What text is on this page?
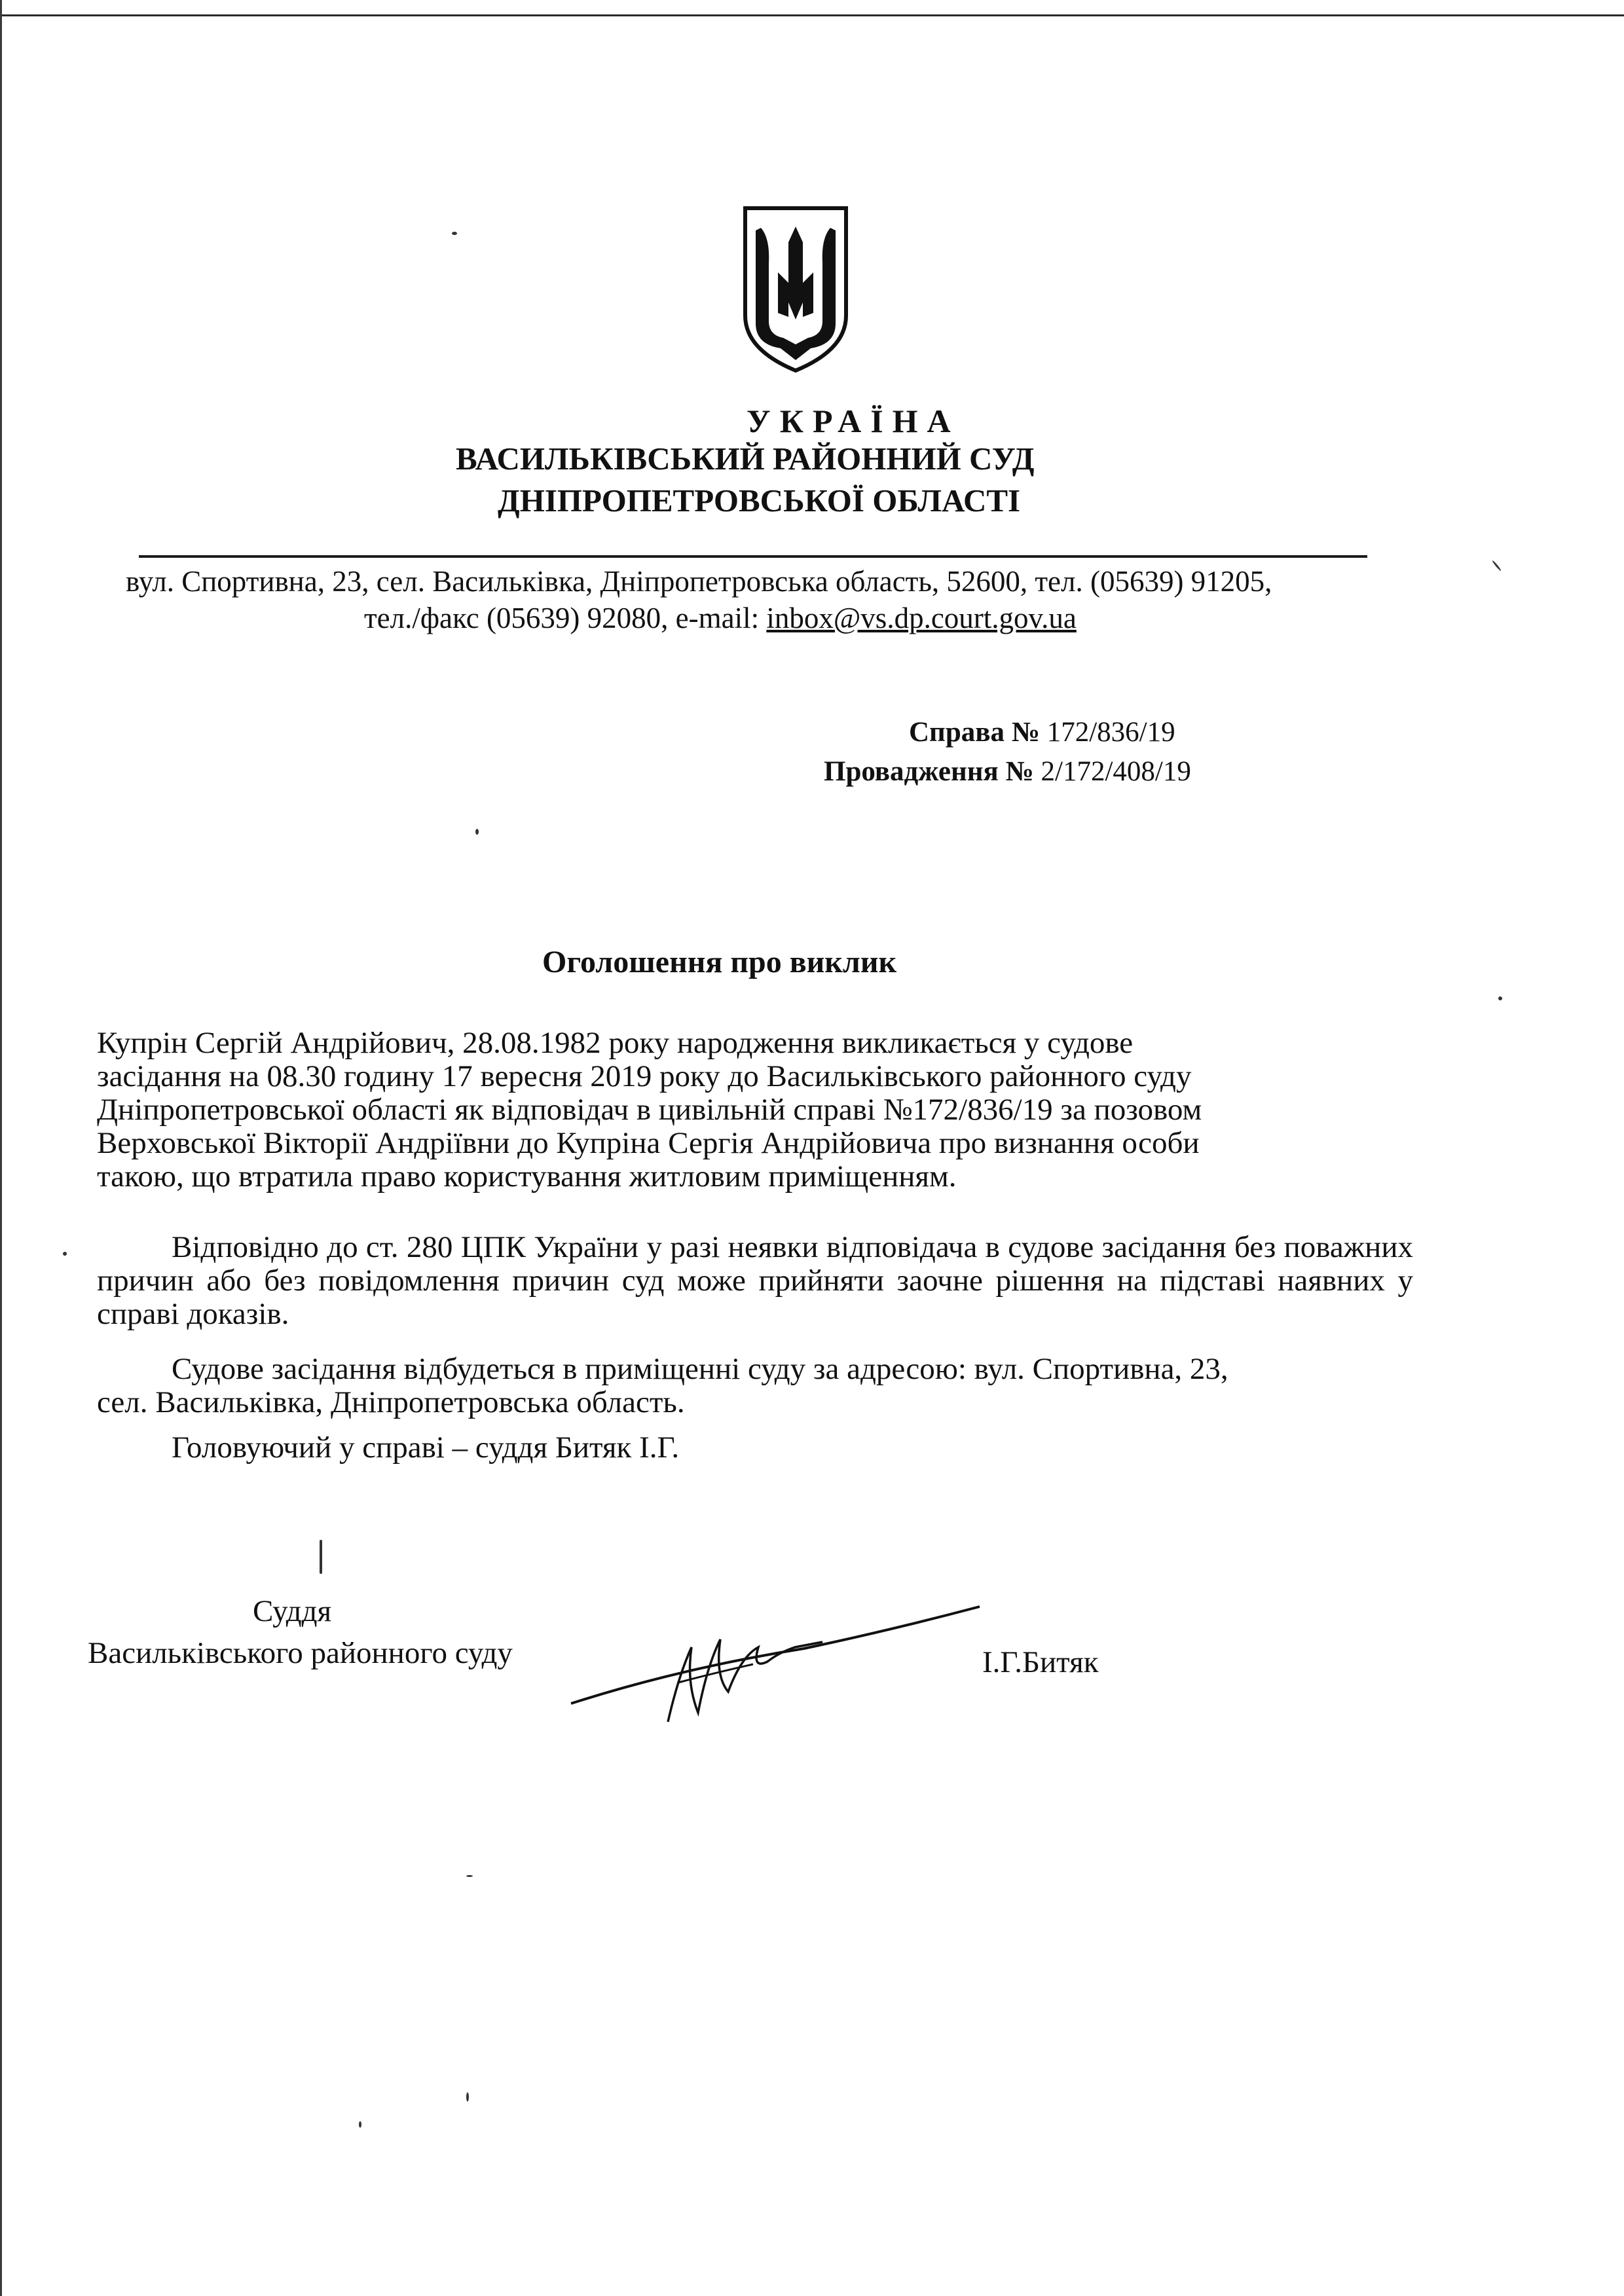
УКРАЇНА
ВАСИЛЬКІВСЬКИЙ РАЙОННИЙ СУД
ДНІПРОПЕТРОВСЬКОЇ ОБЛАСТІ
вул. Спортивна, 23, сел. Васильківка, Дніпропетровська область, 52600, тел. (05639) 91205,
тел./факс (05639) 92080, e-mail: inbox@vs.dp.court.gov.ua
Справа № 172/836/19
Провадження № 2/172/408/19
Оголошення про виклик

Купрін Сергій Андрійович, 28.08.1982 року народження викликається у судове

засідання на 08.30 годину 17 вересня 2019 року до Васильківського районного суду

Дніпропетровської області як відповідач в цивільній справі №172/836/19 за позовом

Верховської Вікторії Андріївни до Купріна Сергія Андрійовича про визнання особи

такою, що втратила право користування житловим приміщенням.

Відповідно до ст. 280 ЦПК України у разі неявки відповідача в судове засідання без поважних причин або без повідомлення причин суд може прийняти заочне рішення на підставі наявних у справі доказів.

Судове засідання відбудеться в приміщенні суду за адресою: вул. Спортивна, 23,

сел. Васильківка, Дніпропетровська область.

Головуючий у справі – суддя Битяк І.Г.

Суддя
Васильківського районного суду	І.Г.Битяк
